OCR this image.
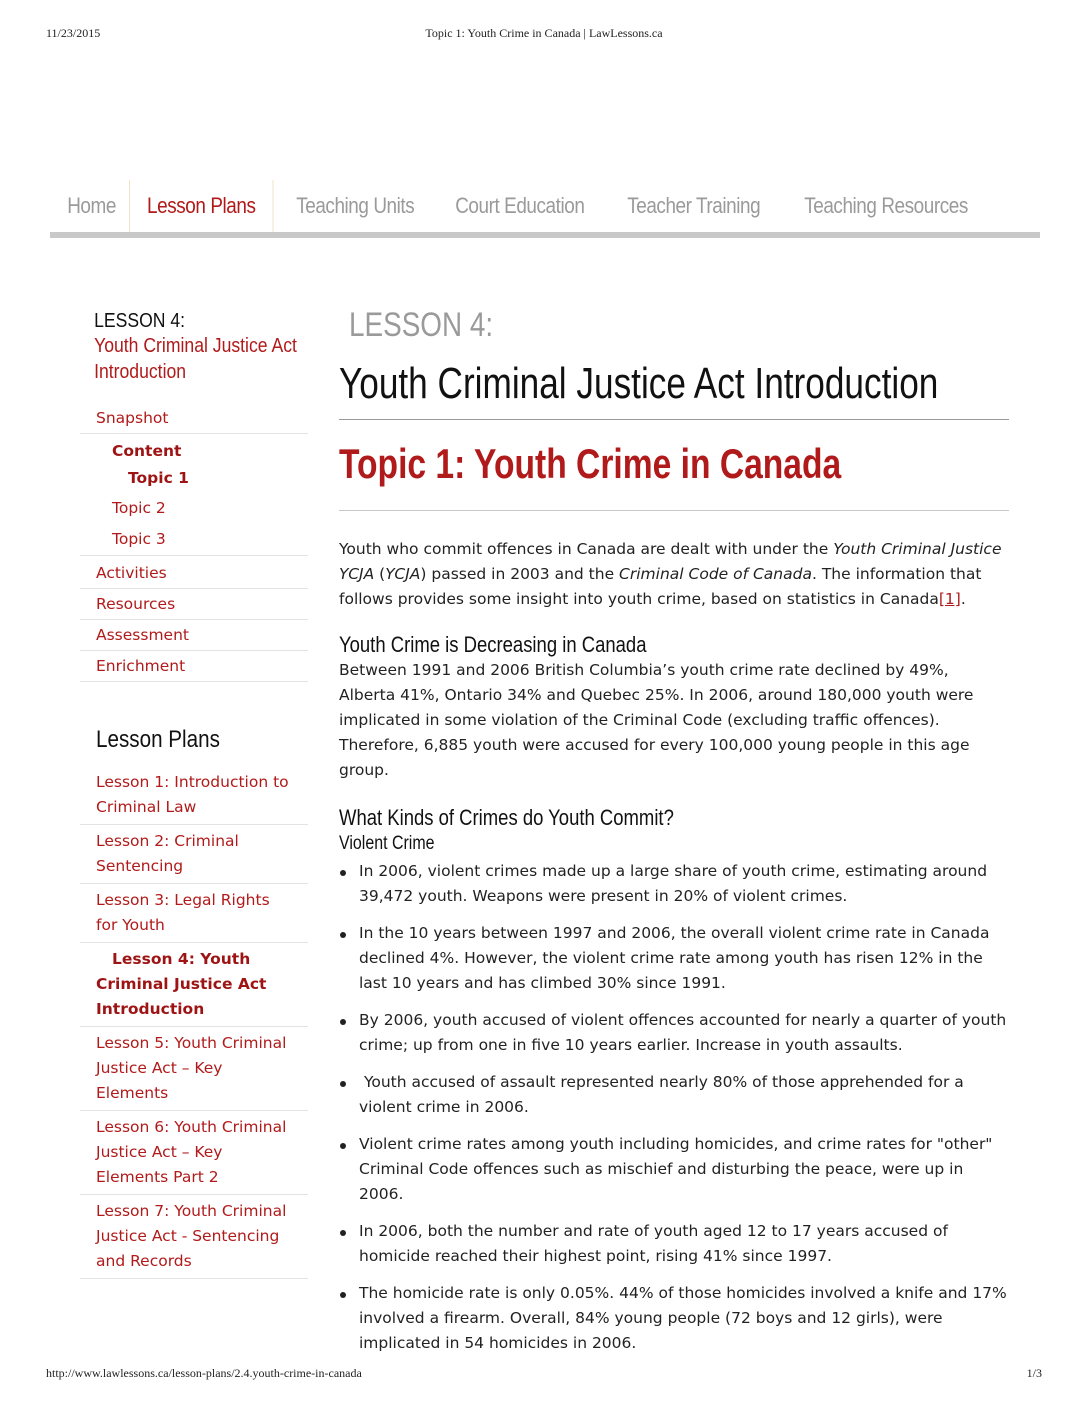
11/23/2015	Topic 1: Youth Crime in Canada | LawLessons.ca
Home	Lesson Plans	Teaching Units	Court Education	Teacher Training	Teaching Resources
LESSON 4:
Youth Criminal Justice Act Introduction
Snapshot
Content
Topic 1
Topic 2
Topic 3
Activities
Resources
Assessment
Enrichment
Lesson Plans
Lesson 1: Introduction to Criminal Law
Lesson 2: Criminal Sentencing
Lesson 3: Legal Rights for Youth
Lesson 4: Youth Criminal Justice Act Introduction
Lesson 5: Youth Criminal Justice Act – Key Elements
Lesson 6: Youth Criminal Justice Act – Key Elements Part 2
Lesson 7: Youth Criminal Justice Act - Sentencing and Records
LESSON 4:
Youth Criminal Justice Act Introduction
Topic 1: Youth Crime in Canada

Youth who commit offences in Canada are dealt with under the Youth Criminal Justice YCJA (YCJA) passed in 2003 and the Criminal Code of Canada. The information that follows provides some insight into youth crime, based on statistics in Canada[1].

Youth Crime is Decreasing in Canada

Between 1991 and 2006 British Columbia’s youth crime rate declined by 49%, Alberta 41%, Ontario 34% and Quebec 25%. In 2006, around 180,000 youth were implicated in some violation of the Criminal Code (excluding traffic offences). Therefore, 6,885 youth were accused for every 100,000 young people in this age group.

What Kinds of Crimes do Youth Commit?
Violent Crime
In 2006, violent crimes made up a large share of youth crime, estimating around 39,472 youth. Weapons were present in 20% of violent crimes.
In the 10 years between 1997 and 2006, the overall violent crime rate in Canada declined 4%. However, the violent crime rate among youth has risen 12% in the last 10 years and has climbed 30% since 1991.
By 2006, youth accused of violent offences accounted for nearly a quarter of youth crime; up from one in five 10 years earlier. Increase in youth assaults.
Youth accused of assault represented nearly 80% of those apprehended for a violent crime in 2006.
Violent crime rates among youth including homicides, and crime rates for "other" Criminal Code offences such as mischief and disturbing the peace, were up in 2006.
In 2006, both the number and rate of youth aged 12 to 17 years accused of homicide reached their highest point, rising 41% since 1997.
The homicide rate is only 0.05%. 44% of those homicides involved a knife and 17% involved a firearm. Overall, 84% young people (72 boys and 12 girls), were implicated in 54 homicides in 2006.
http://www.lawlessons.ca/lesson-plans/2.4.youth-crime-in-canada	1/3
